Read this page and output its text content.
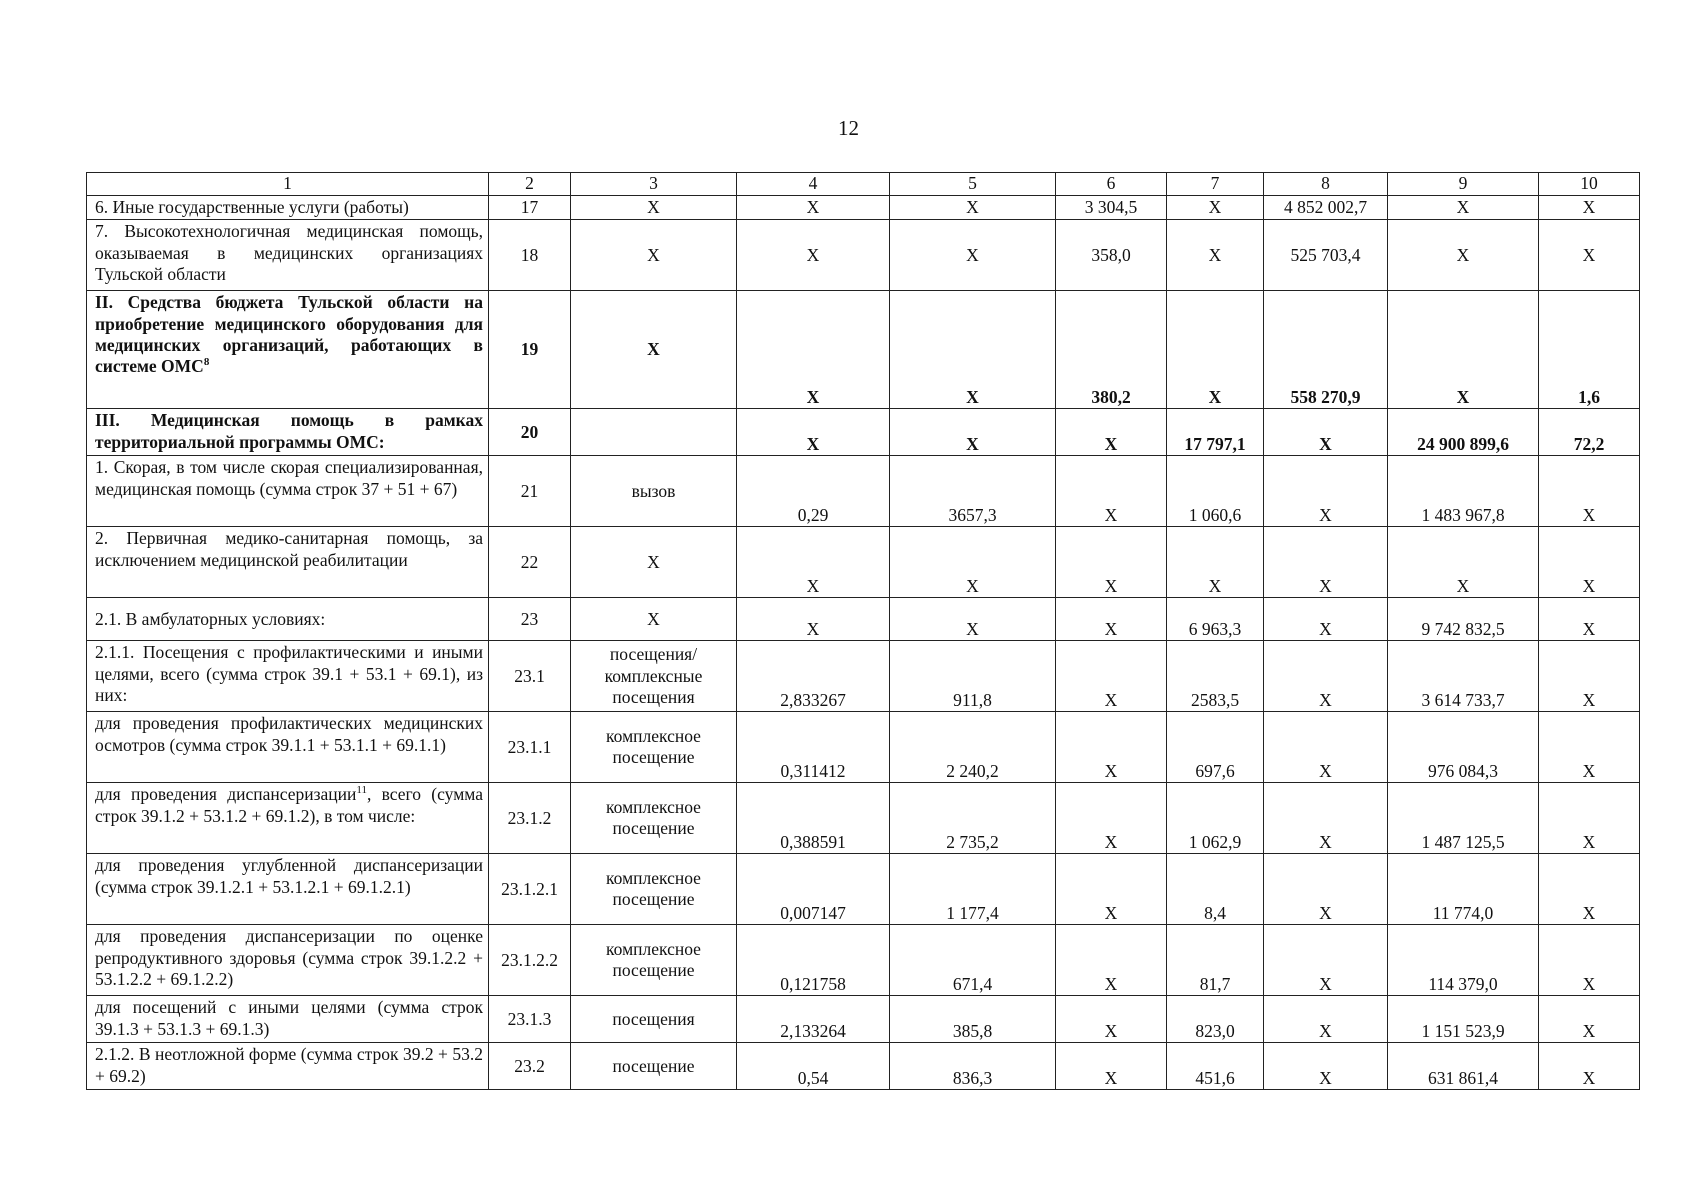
12
1	2	3	4	5	6	7	8	9	10
6. Иные государственные услуги (работы)	17	X	X	X	3 304,5	X	4 852 002,7	X	X
7. Высокотехнологичная медицинская помощь, оказываемая в медицинских организациях Тульской области	18	X	X	X	358,0	X	525 703,4	X	X
II. Средства бюджета Тульской области на приобретение медицинского оборудования для медицинских организаций, работающих в системе ОМС$^8$	19	X	X	X	380,2	X	558 270,9	X	1,6
III. Медицинская помощь в рамках территориальной программы ОМС:	20		X	X	X	17 797,1	X	24 900 899,6	72,2
1. Скорая, в том числе скорая специализированная, медицинская помощь (сумма строк 37 + 51 + 67)	21	вызов	0,29	3657,3	X	1 060,6	X	1 483 967,8	X
2. Первичная медико-санитарная помощь, за исключением медицинской реабилитации	22	X	X	X	X	X	X	X	X
2.1. В амбулаторных условиях:	23	X	X	X	X	6 963,3	X	9 742 832,5	X
2.1.1. Посещения с профилактическими и иными целями, всего (сумма строк 39.1 + 53.1 + 69.1), из них:	23.1	посещения/комплексные посещения	2,833267	911,8	X	2583,5	X	3 614 733,7	X
для проведения профилактических медицинских осмотров (сумма строк 39.1.1 + 53.1.1 + 69.1.1)	23.1.1	комплексное посещение	0,311412	2 240,2	X	697,6	X	976 084,3	X
для проведения диспансеризации$^{11}$, всего (сумма строк 39.1.2 + 53.1.2 + 69.1.2), в том числе:	23.1.2	комплексное посещение	0,388591	2 735,2	X	1 062,9	X	1 487 125,5	X
для проведения углубленной диспансеризации (сумма строк 39.1.2.1 + 53.1.2.1 + 69.1.2.1)	23.1.2.1	комплексное посещение	0,007147	1 177,4	X	8,4	X	11 774,0	X
для проведения диспансеризации по оценке репродуктивного здоровья (сумма строк 39.1.2.2 + 53.1.2.2 + 69.1.2.2)	23.1.2.2	комплексное посещение	0,121758	671,4	X	81,7	X	114 379,0	X
для посещений с иными целями (сумма строк 39.1.3 + 53.1.3 + 69.1.3)	23.1.3	посещения	2,133264	385,8	X	823,0	X	1 151 523,9	X
2.1.2. В неотложной форме (сумма строк 39.2 + 53.2 + 69.2)	23.2	посещение	0,54	836,3	X	451,6	X	631 861,4	X
